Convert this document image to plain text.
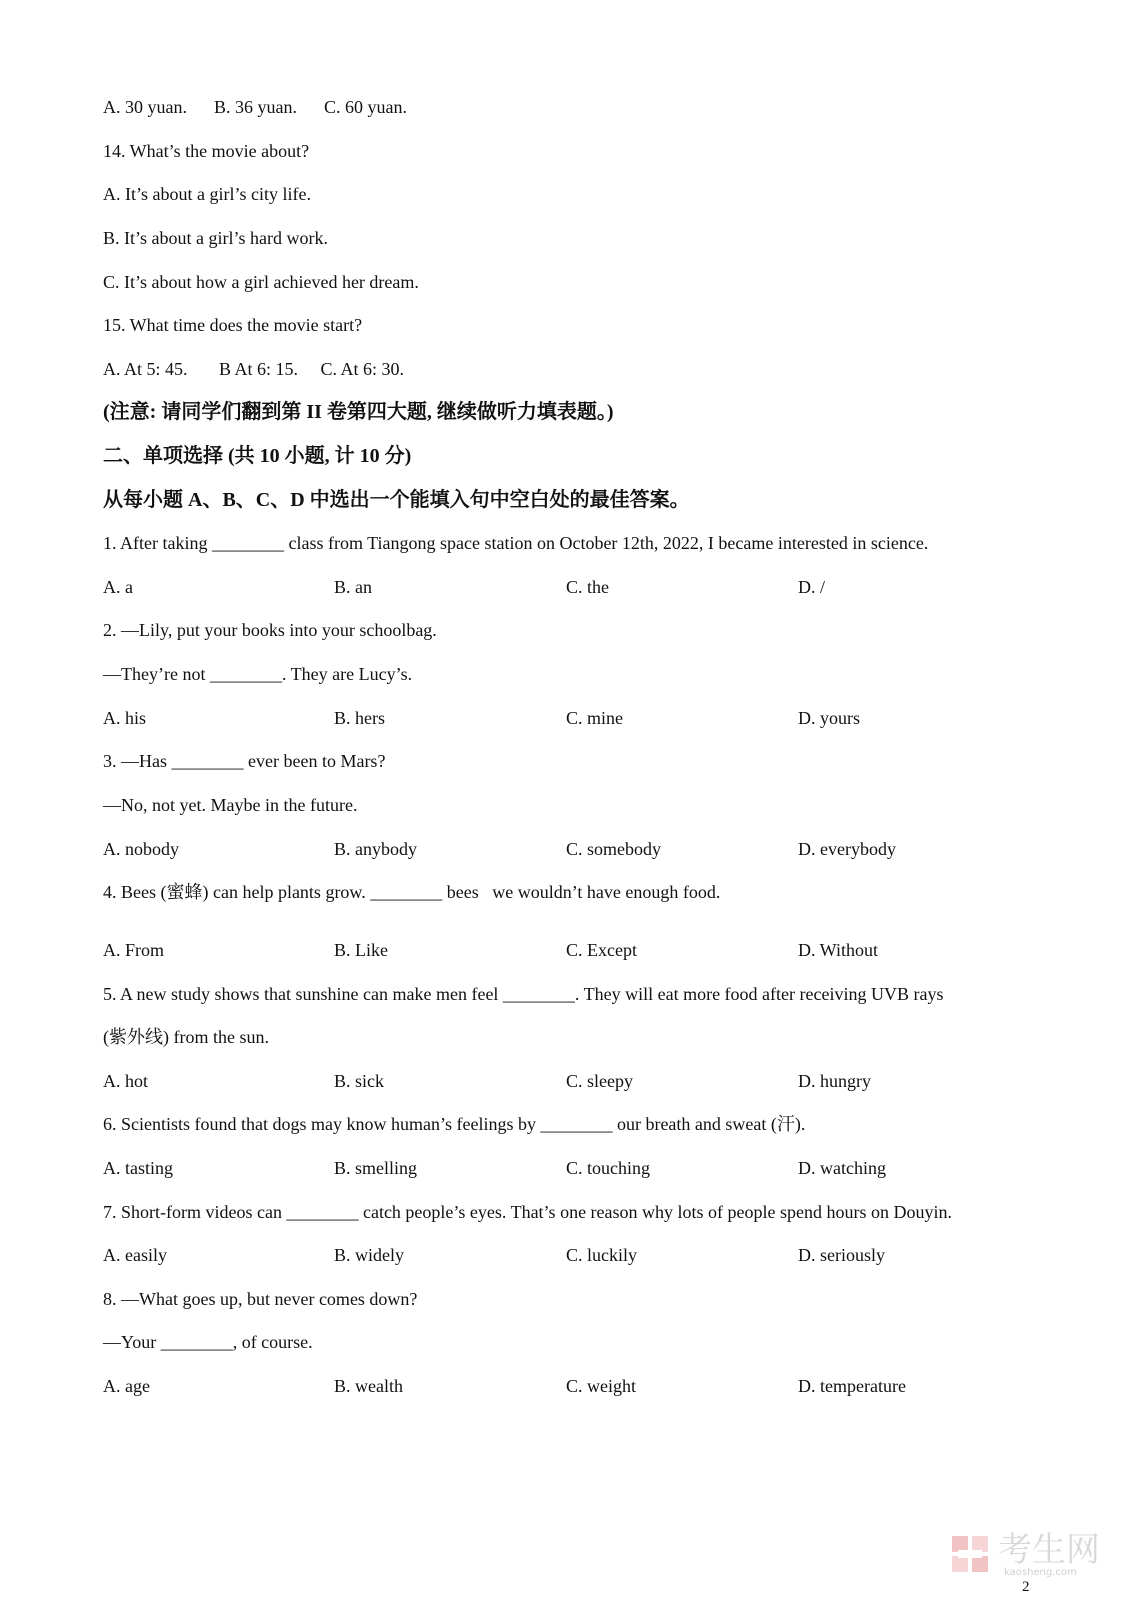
A. 30 yuan.      B. 36 yuan.      C. 60 yuan.
14. What’s the movie about?
A. It’s about a girl’s city life.
B. It’s about a girl’s hard work.
C. It’s about how a girl achieved her dream.
15. What time does the movie start?
A. At 5: 45.       B At 6: 15.     C. At 6: 30.
(注意: 请同学们翻到第 II 卷第四大题, 继续做听力填表题。)
二、单项选择 (共 10 小题, 计 10 分)
从每小题 A、B、C、D 中选出一个能填入句中空白处的最佳答案。
1. After taking ________ class from Tiangong space station on October 12th, 2022, I became interested in science.
A. a	B. an	C. the	D. /
2. —Lily, put your books into your schoolbag.
—They’re not ________. They are Lucy’s.
A. his	B. hers	C. mine	D. yours
3. —Has ________ ever been to Mars?
—No, not yet. Maybe in the future.
A. nobody	B. anybody	C. somebody	D. everybody
4. Bees (蜜蜂) can help plants grow. ________ bees   we wouldn’t have enough food.
A. From	B. Like	C. Except	D. Without
5. A new study shows that sunshine can make men feel ________. They will eat more food after receiving UVB rays
(紫外线) from the sun.
A. hot	B. sick	C. sleepy	D. hungry
6. Scientists found that dogs may know human’s feelings by ________ our breath and sweat (汗).
A. tasting	B. smelling	C. touching	D. watching
7. Short-form videos can ________ catch people’s eyes. That’s one reason why lots of people spend hours on Douyin.
A. easily	B. widely	C. luckily	D. seriously
8. —What goes up, but never comes down?
—Your ________, of course.
A. age	B. wealth	C. weight	D. temperature
考生网
kaosheng.com
2
